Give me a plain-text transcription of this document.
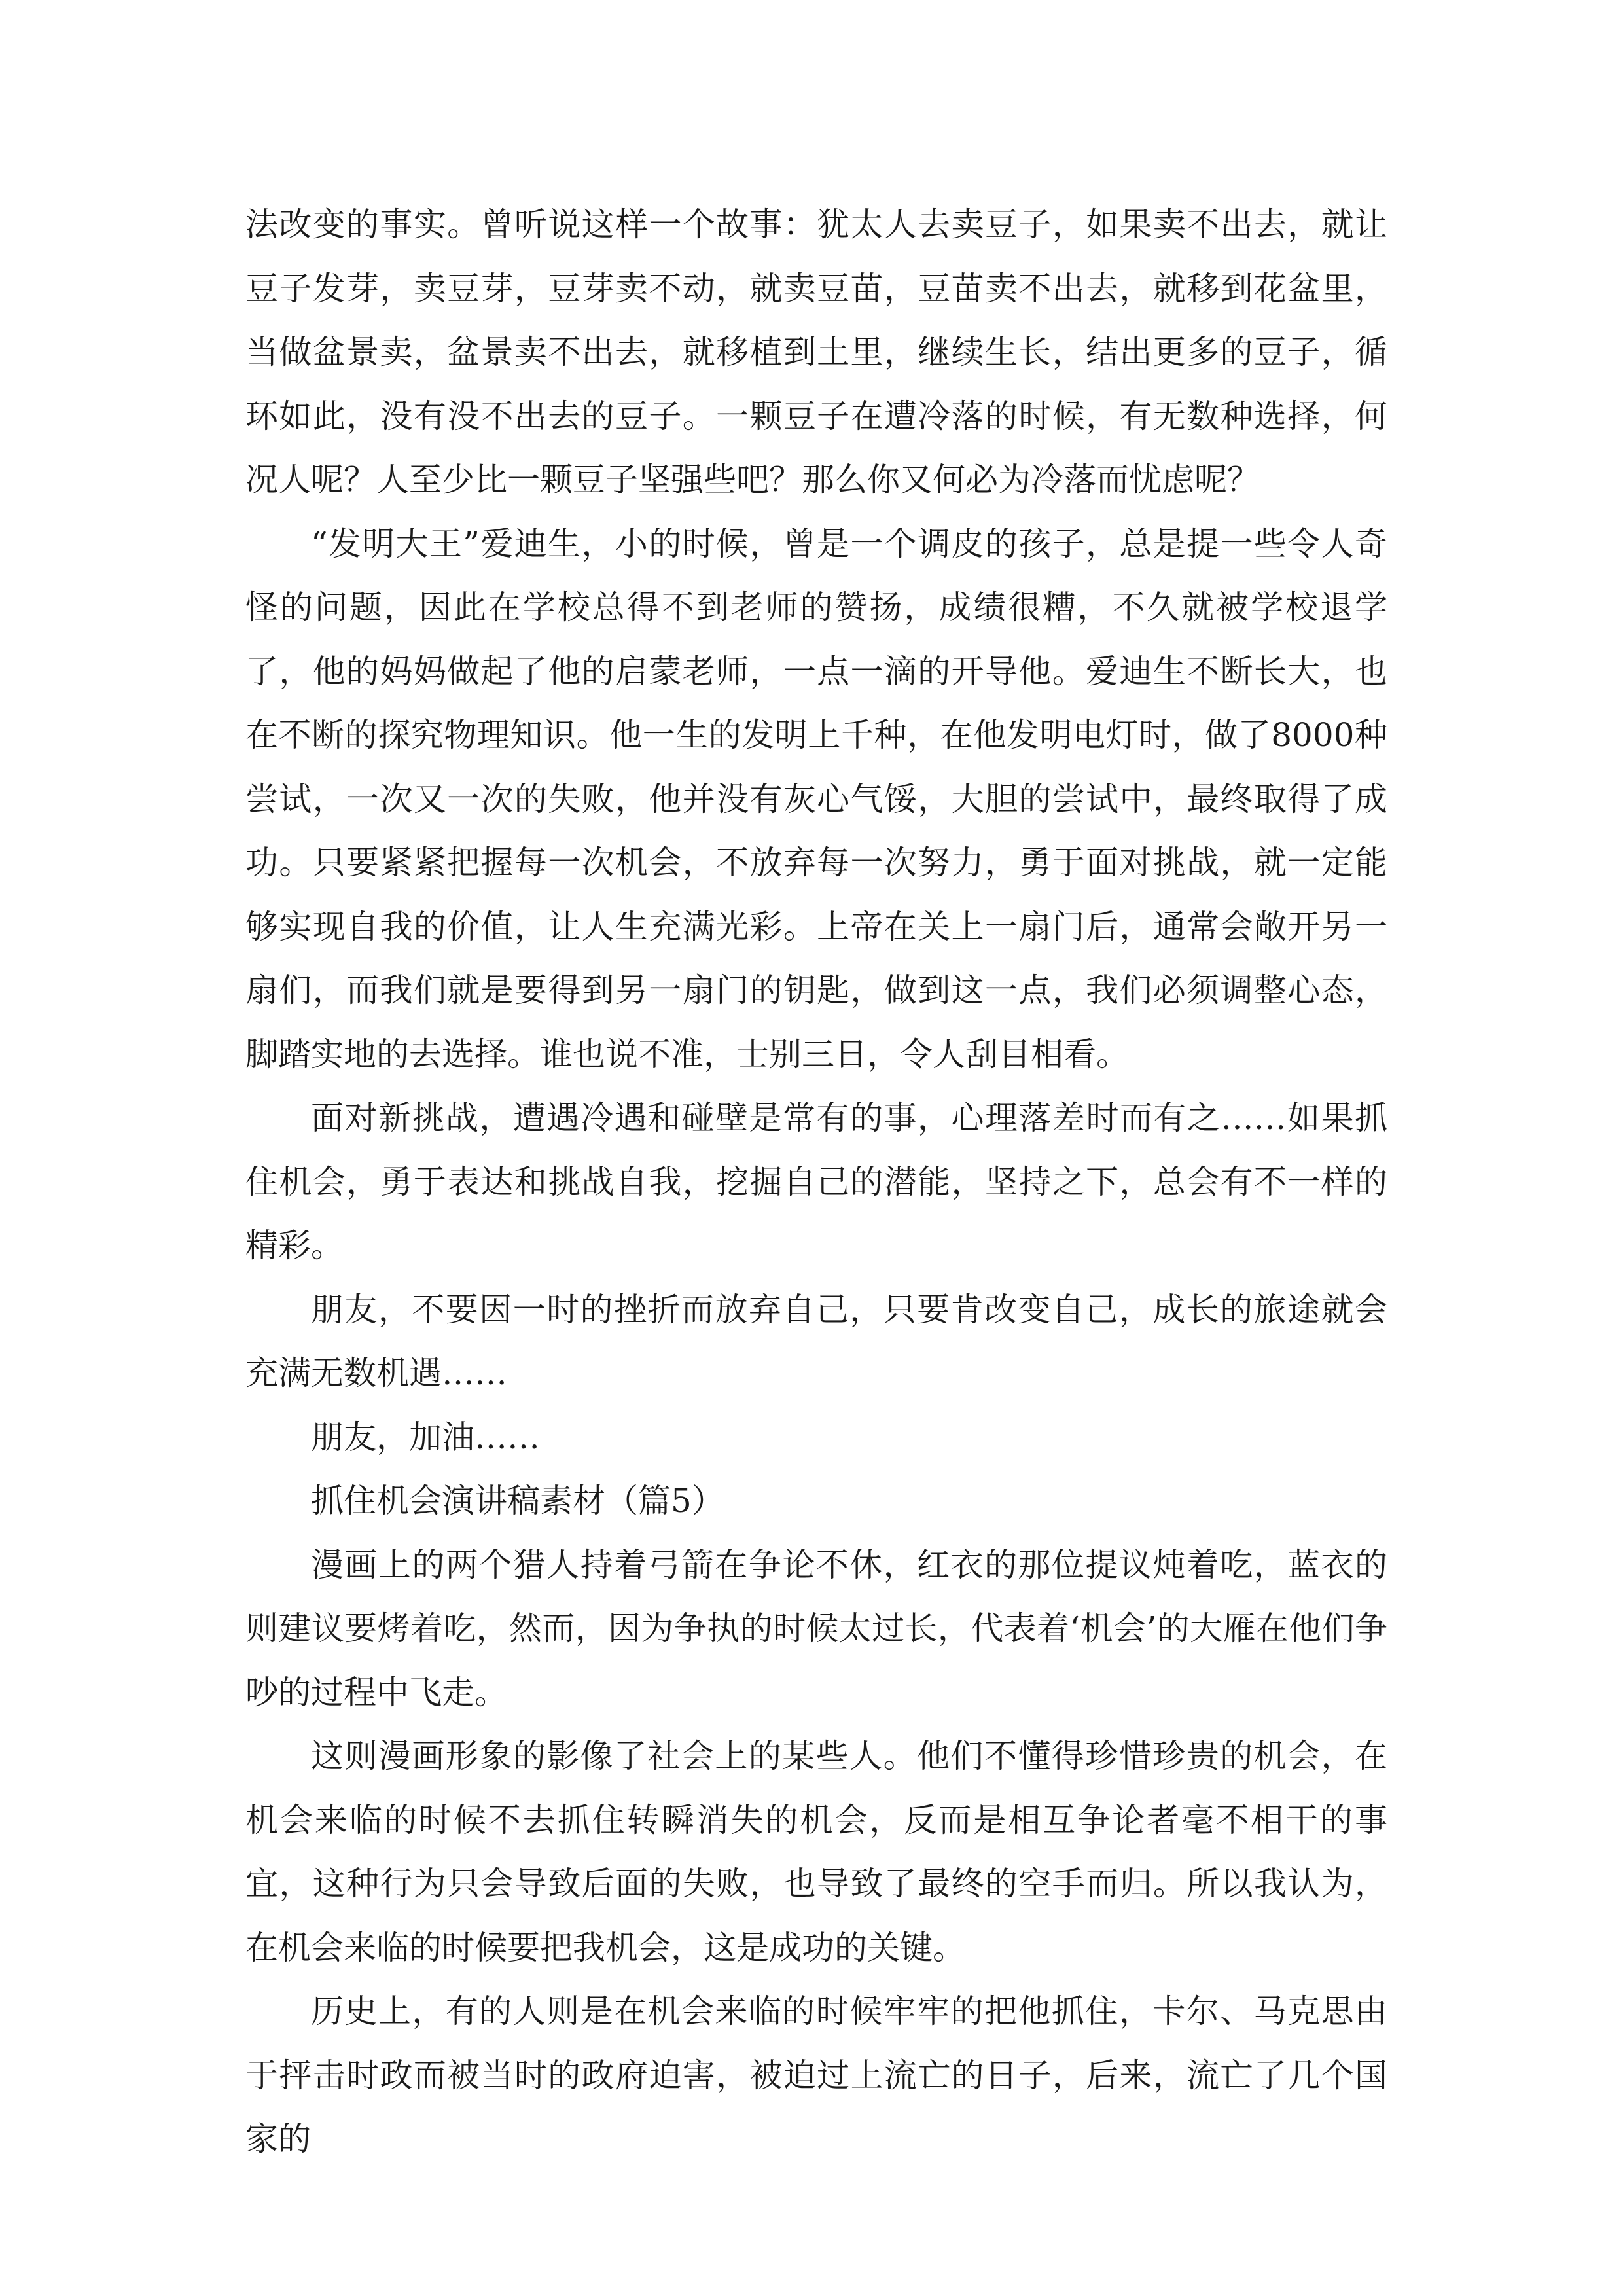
法改变的事实。曾听说这样一个故事：犹太人去卖豆子，如果卖不出去，就让豆子发芽，卖豆芽，豆芽卖不动，就卖豆苗，豆苗卖不出去，就移到花盆里，当做盆景卖，盆景卖不出去，就移植到土里，继续生长，结出更多的豆子，循环如此，没有没不出去的豆子。一颗豆子在遭冷落的时候，有无数种选择，何况人呢？人至少比一颗豆子坚强些吧？那么你又何必为冷落而忧虑呢？

“发明大王”爱迪生，小的时候，曾是一个调皮的孩子，总是提一些令人奇怪的问题，因此在学校总得不到老师的赞扬，成绩很糟，不久就被学校退学了，他的妈妈做起了他的启蒙老师，一点一滴的开导他。爱迪生不断长大，也在不断的探究物理知识。他一生的发明上千种，在他发明电灯时，做了8000种尝试，一次又一次的失败，他并没有灰心气馁，大胆的尝试中，最终取得了成功。只要紧紧把握每一次机会，不放弃每一次努力，勇于面对挑战，就一定能够实现自我的价值，让人生充满光彩。上帝在关上一扇门后，通常会敞开另一扇们，而我们就是要得到另一扇门的钥匙，做到这一点，我们必须调整心态，脚踏实地的去选择。谁也说不准，士别三日，令人刮目相看。

面对新挑战，遭遇冷遇和碰壁是常有的事，心理落差时而有之……如果抓住机会，勇于表达和挑战自我，挖掘自己的潜能，坚持之下，总会有不一样的精彩。

朋友，不要因一时的挫折而放弃自己，只要肯改变自己，成长的旅途就会充满无数机遇……

朋友，加油……

抓住机会演讲稿素材（篇5）

漫画上的两个猎人持着弓箭在争论不休，红衣的那位提议炖着吃，蓝衣的则建议要烤着吃，然而，因为争执的时候太过长，代表着‘机会’的大雁在他们争吵的过程中飞走。

这则漫画形象的影像了社会上的某些人。他们不懂得珍惜珍贵的机会，在机会来临的时候不去抓住转瞬消失的机会，反而是相互争论者毫不相干的事宜，这种行为只会导致后面的失败，也导致了最终的空手而归。所以我认为，在机会来临的时候要把我机会，这是成功的关键。

历史上，有的人则是在机会来临的时候牢牢的把他抓住，卡尔、马克思由于抨击时政而被当时的政府迫害，被迫过上流亡的日子，后来，流亡了几个国家的
